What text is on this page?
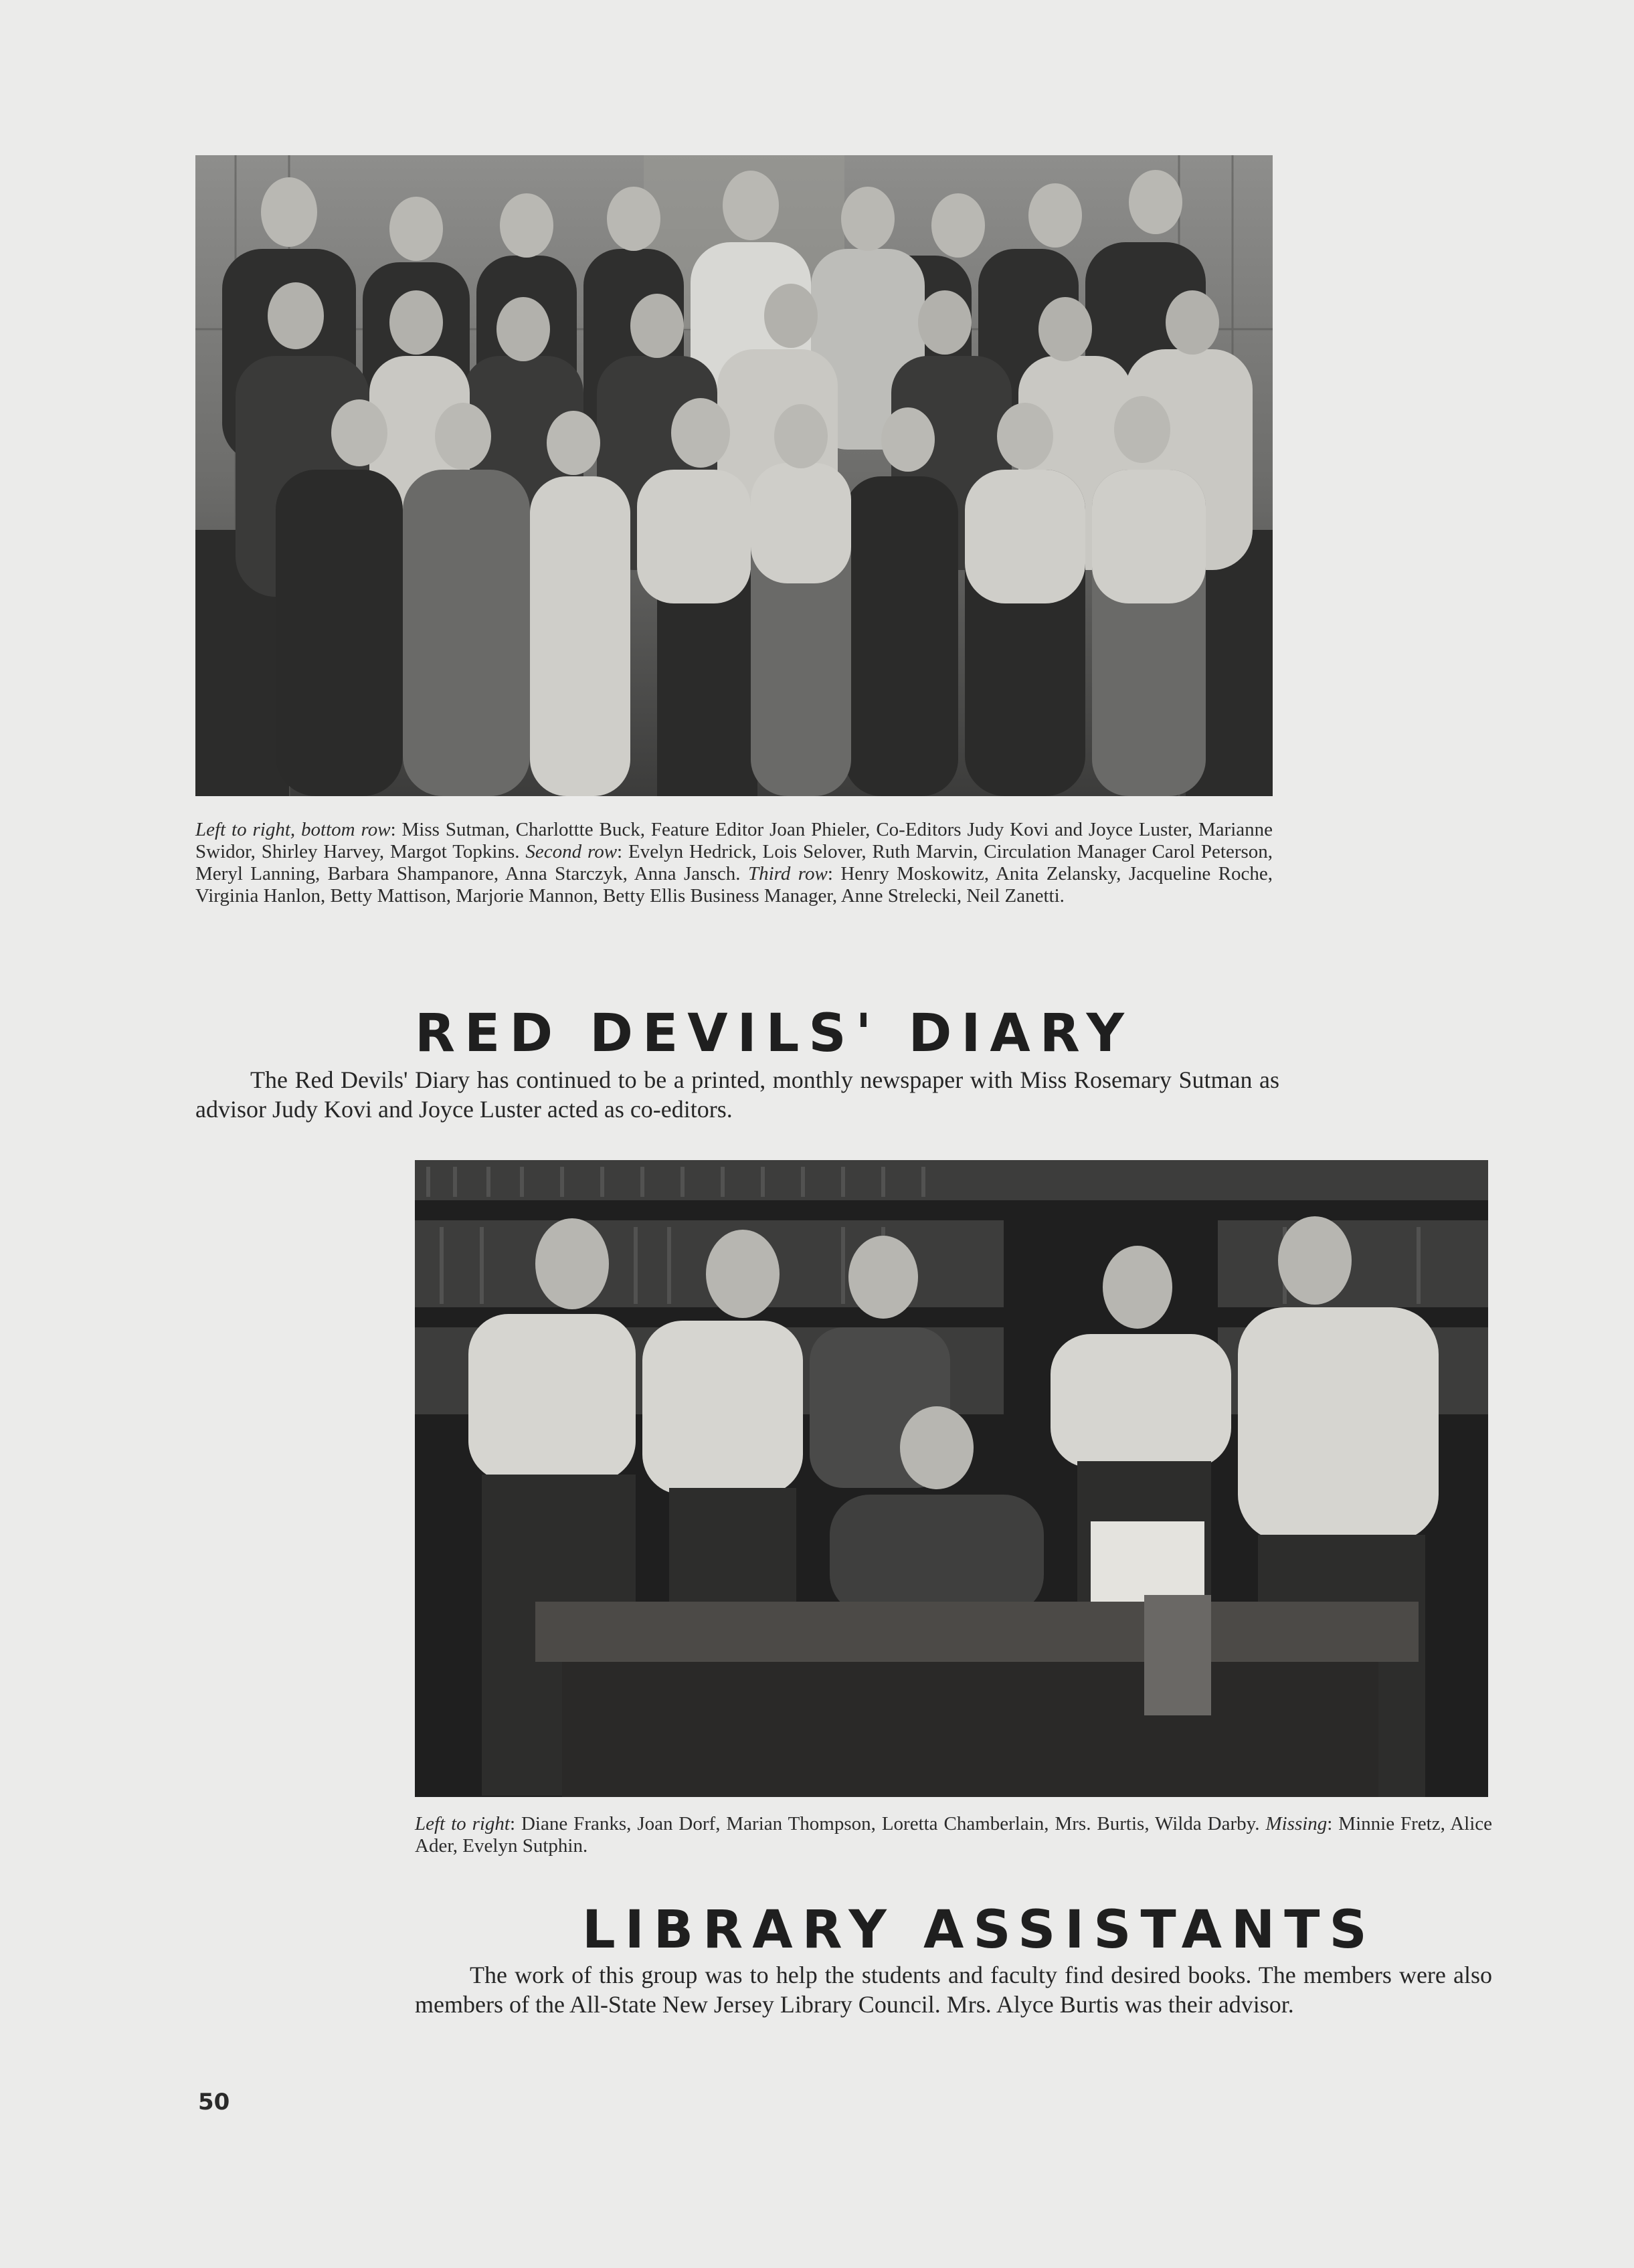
Left to right, bottom row: Miss Sutman, Charlottte Buck, Feature Editor Joan Phieler, Co-Editors Judy Kovi and Joyce Luster, Marianne Swidor, Shirley Harvey, Margot Topkins. Second row: Evelyn Hedrick, Lois Selover, Ruth Marvin, Circulation Manager Carol Peterson, Meryl Lanning, Barbara Shampanore, Anna Starczyk, Anna Jansch. Third row: Henry Moskowitz, Anita Zelansky, Jacqueline Roche, Virginia Hanlon, Betty Mattison, Marjorie Mannon, Betty Ellis Business Manager, Anne Strelecki, Neil Zanetti.
RED DEVILS' DIARY
The Red Devils' Diary has continued to be a printed, monthly newspaper with Miss Rosemary Sutman as advisor Judy Kovi and Joyce Luster acted as co-editors.
Left to right: Diane Franks, Joan Dorf, Marian Thompson, Loretta Chamberlain, Mrs. Burtis, Wilda Darby. Missing: Minnie Fretz, Alice Ader, Evelyn Sutphin.
LIBRARY ASSISTANTS
The work of this group was to help the students and faculty find desired books. The members were also members of the All-State New Jersey Library Council. Mrs. Alyce Burtis was their advisor.
50
